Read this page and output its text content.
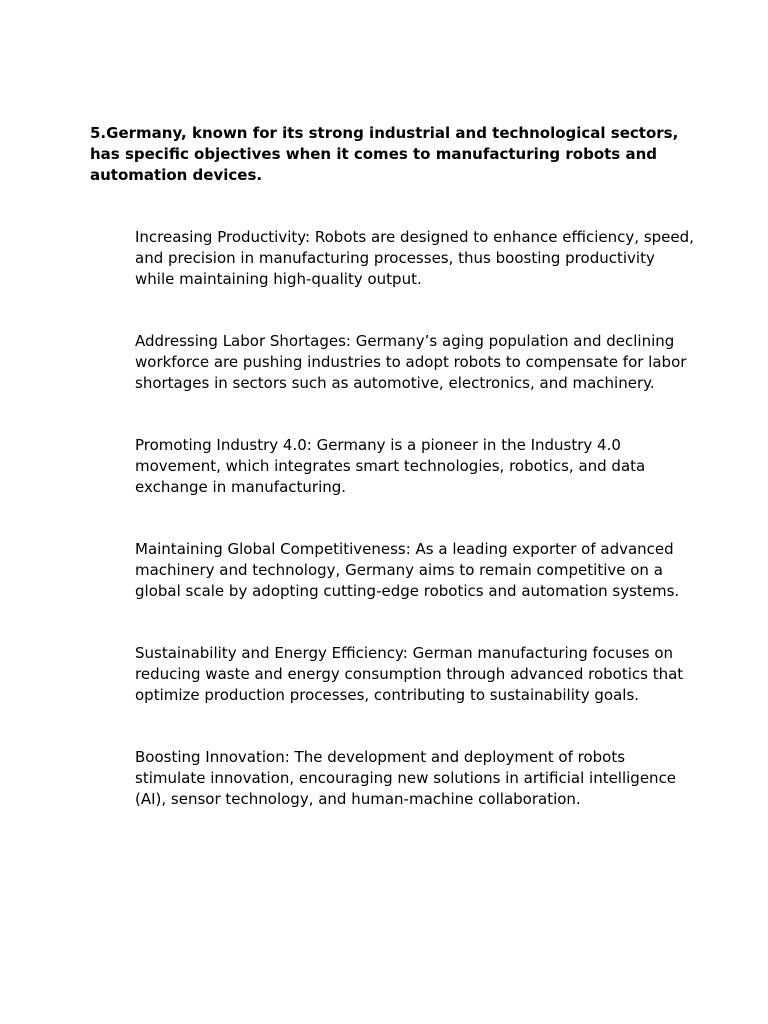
5.Germany, known for its strong industrial and technological sectors, has specific objectives when it comes to manufacturing robots and automation devices.

Increasing Productivity: Robots are designed to enhance efficiency, speed, and precision in manufacturing processes, thus boosting productivity while maintaining high-quality output.
Addressing Labor Shortages: Germany’s aging population and declining workforce are pushing industries to adopt robots to compensate for labor shortages in sectors such as automotive, electronics, and machinery.
Promoting Industry 4.0: Germany is a pioneer in the Industry 4.0 movement, which integrates smart technologies, robotics, and data exchange in manufacturing.
Maintaining Global Competitiveness: As a leading exporter of advanced machinery and technology, Germany aims to remain competitive on a global scale by adopting cutting-edge robotics and automation systems.
Sustainability and Energy Efficiency: German manufacturing focuses on reducing waste and energy consumption through advanced robotics that optimize production processes, contributing to sustainability goals.
Boosting Innovation: The development and deployment of robots stimulate innovation, encouraging new solutions in artificial intelligence (AI), sensor technology, and human-machine collaboration.
